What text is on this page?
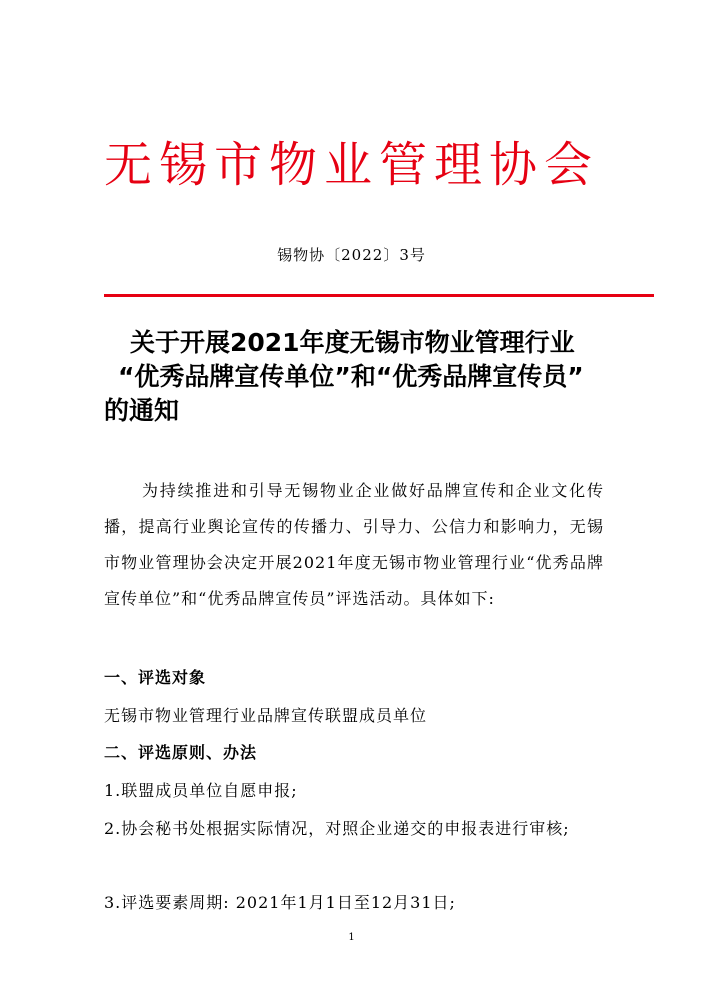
无锡市物业管理协会
锡物协〔2022〕3号
关于开展2021年度无锡市物业管理行业
“优秀品牌宣传单位”和“优秀品牌宣传员”
的通知
为持续推进和引导无锡物业企业做好品牌宣传和企业文化传播，提高行业舆论宣传的传播力、引导力、公信力和影响力，无锡市物业管理协会决定开展2021年度无锡市物业管理行业“优秀品牌宣传单位”和“优秀品牌宣传员”评选活动。具体如下:
一、评选对象
无锡市物业管理行业品牌宣传联盟成员单位
二、评选原则、办法
1.联盟成员单位自愿申报;
2.协会秘书处根据实际情况，对照企业递交的申报表进行审核;
3.评选要素周期: 2021年1月1日至12月31日;
1
